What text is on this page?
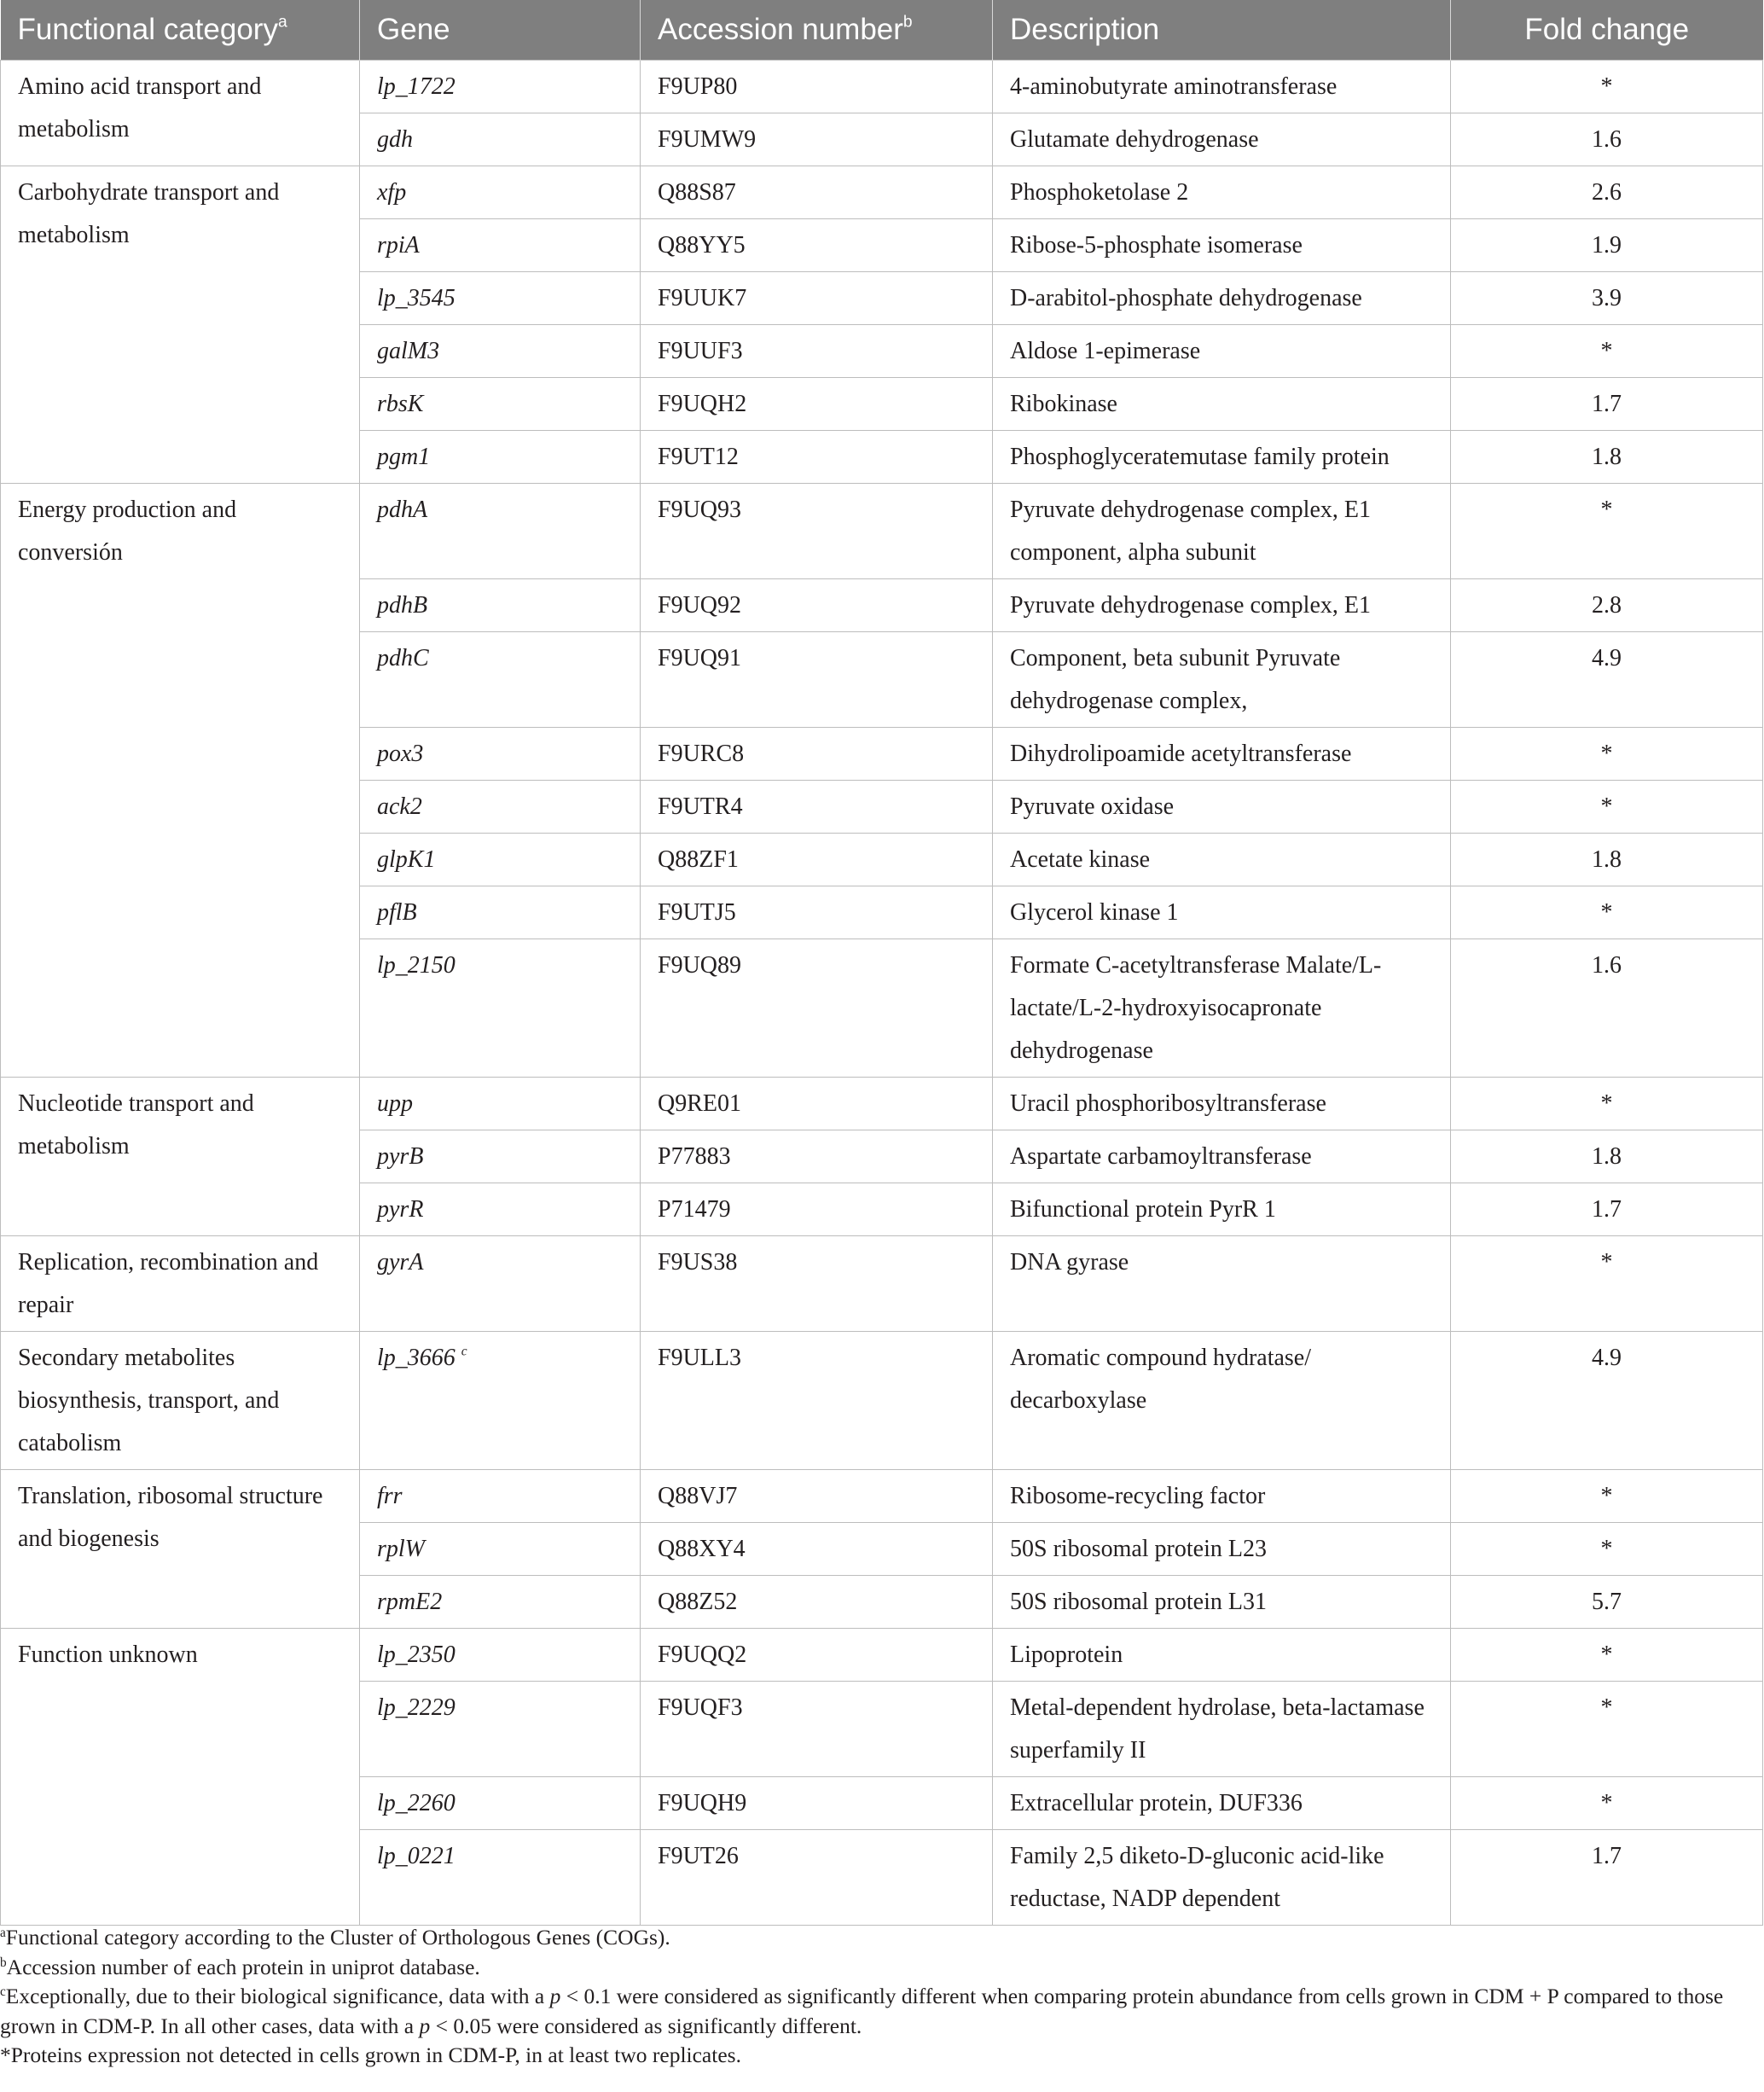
Functional category$^a$	Gene	Accession number$^b$	Description	Fold change
Amino acid transport and metabolism	lp_1722	F9UP80	4-aminobutyrate aminotransferase	*
	gdh	F9UMW9	Glutamate dehydrogenase	1.6
Carbohydrate transport and metabolism	xfp	Q88S87	Phosphoketolase 2	2.6
	rpiA	Q88YY5	Ribose-5-phosphate isomerase	1.9
	lp_3545	F9UUK7	D-arabitol-phosphate dehydrogenase	3.9
	galM3	F9UUF3	Aldose 1-epimerase	*
	rbsK	F9UQH2	Ribokinase	1.7
	pgm1	F9UT12	Phosphoglyceratemutase family protein	1.8
Energy production and conversión	pdhA	F9UQ93	Pyruvate dehydrogenase complex, E1 component, alpha subunit	*
	pdhB	F9UQ92	Pyruvate dehydrogenase complex, E1	2.8
	pdhC	F9UQ91	Component, beta subunit Pyruvate dehydrogenase complex,	4.9
	pox3	F9URC8	Dihydrolipoamide acetyltransferase	*
	ack2	F9UTR4	Pyruvate oxidase	*
	glpK1	Q88ZF1	Acetate kinase	1.8
	pflB	F9UTJ5	Glycerol kinase 1	*
	lp_2150	F9UQ89	Formate C-acetyltransferase Malate/L-lactate/L-2-hydroxyisocapronate dehydrogenase	1.6
Nucleotide transport and metabolism	upp	Q9RE01	Uracil phosphoribosyltransferase	*
	pyrB	P77883	Aspartate carbamoyltransferase	1.8
	pyrR	P71479	Bifunctional protein PyrR 1	1.7
Replication, recombination and repair	gyrA	F9US38	DNA gyrase	*
Secondary metabolites biosynthesis, transport, and catabolism	lp_3666 $^c$	F9ULL3	Aromatic compound hydratase/ decarboxylase	4.9
Translation, ribosomal structure and biogenesis	frr	Q88VJ7	Ribosome-recycling factor	*
	rplW	Q88XY4	50S ribosomal protein L23	*
	rpmE2	Q88Z52	50S ribosomal protein L31	5.7
Function unknown	lp_2350	F9UQQ2	Lipoprotein	*
	lp_2229	F9UQF3	Metal-dependent hydrolase, beta-lactamase superfamily II	*
	lp_2260	F9UQH9	Extracellular protein, DUF336	*
	lp_0221	F9UT26	Family 2,5 diketo-D-gluconic acid-like reductase, NADP dependent	1.7

$^a$Functional category according to the Cluster of Orthologous Genes (COGs).

$^b$Accession number of each protein in uniprot database.

$^c$Exceptionally, due to their biological significance, data with a p < 0.1 were considered as significantly different when comparing protein abundance from cells grown in CDM + P compared to those grown in CDM-P. In all other cases, data with a p < 0.05 were considered as significantly different.

*Proteins expression not detected in cells grown in CDM-P, in at least two replicates.
